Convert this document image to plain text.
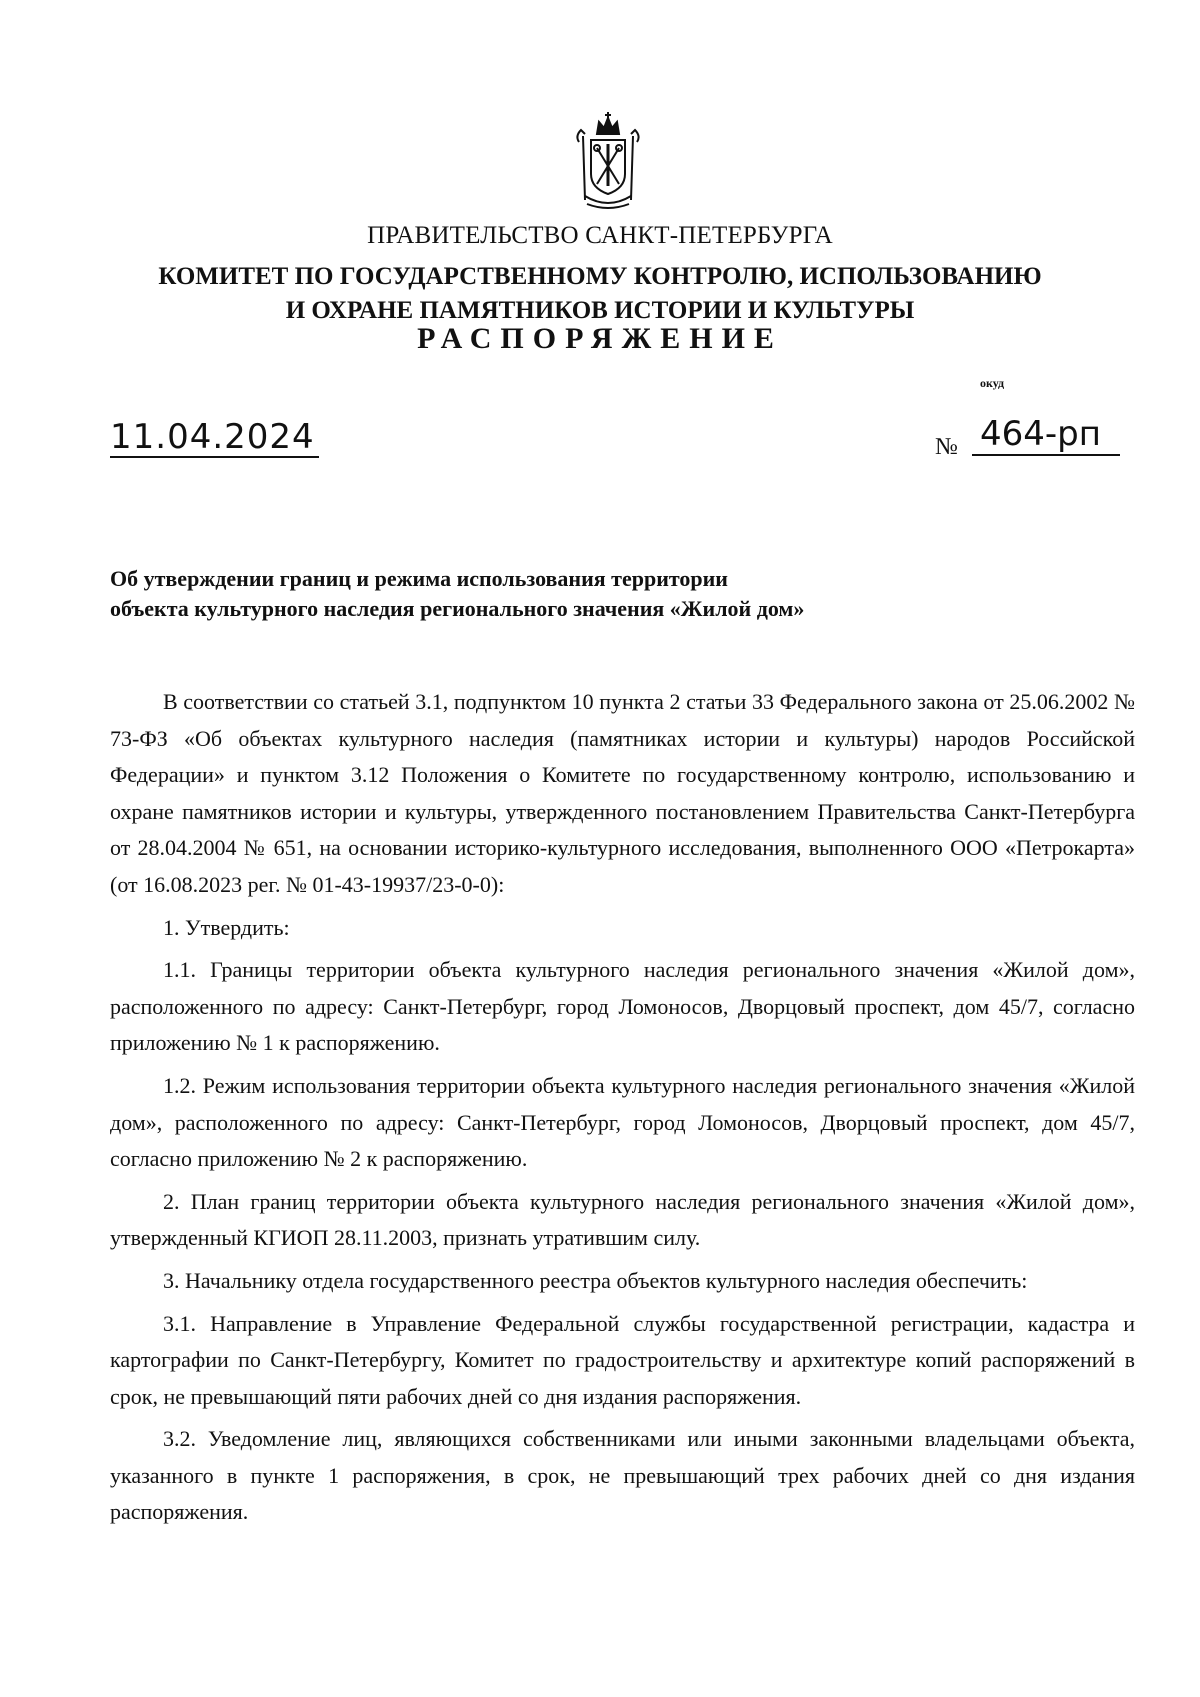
ПРАВИТЕЛЬСТВО САНКТ-ПЕТЕРБУРГА
КОМИТЕТ ПО ГОСУДАРСТВЕННОМУ КОНТРОЛЮ, ИСПОЛЬЗОВАНИЮ
И ОХРАНЕ ПАМЯТНИКОВ ИСТОРИИ И КУЛЬТУРЫ
РАСПОРЯЖЕНИЕ
окуд
11.04.2024	№ 464-рп
Об утверждении границ и режима использования территории
объекта культурного наследия регионального значения «Жилой дом»

В соответствии со статьей 3.1, подпунктом 10 пункта 2 статьи 33 Федерального закона от 25.06.2002 № 73-ФЗ «Об объектах культурного наследия (памятниках истории и культуры) народов Российской Федерации» и пунктом 3.12 Положения о Комитете по государственному контролю, использованию и охране памятников истории и культуры, утвержденного постановлением Правительства Санкт-Петербурга от 28.04.2004 № 651, на основании историко-культурного исследования, выполненного ООО «Петрокарта» (от 16.08.2023 рег. № 01-43-19937/23-0-0):

1. Утвердить:

1.1. Границы территории объекта культурного наследия регионального значения «Жилой дом», расположенного по адресу: Санкт-Петербург, город Ломоносов, Дворцовый проспект, дом 45/7, согласно приложению № 1 к распоряжению.

1.2. Режим использования территории объекта культурного наследия регионального значения «Жилой дом», расположенного по адресу: Санкт-Петербург, город Ломоносов, Дворцовый проспект, дом 45/7, согласно приложению № 2 к распоряжению.

2. План границ территории объекта культурного наследия регионального значения «Жилой дом», утвержденный КГИОП 28.11.2003, признать утратившим силу.

3. Начальнику отдела государственного реестра объектов культурного наследия обеспечить:

3.1. Направление в Управление Федеральной службы государственной регистрации, кадастра и картографии по Санкт-Петербургу, Комитет по градостроительству и архитектуре копий распоряжений в срок, не превышающий пяти рабочих дней со дня издания распоряжения.

3.2. Уведомление лиц, являющихся собственниками или иными законными владельцами объекта, указанного в пункте 1 распоряжения, в срок, не превышающий трех рабочих дней со дня издания распоряжения.
